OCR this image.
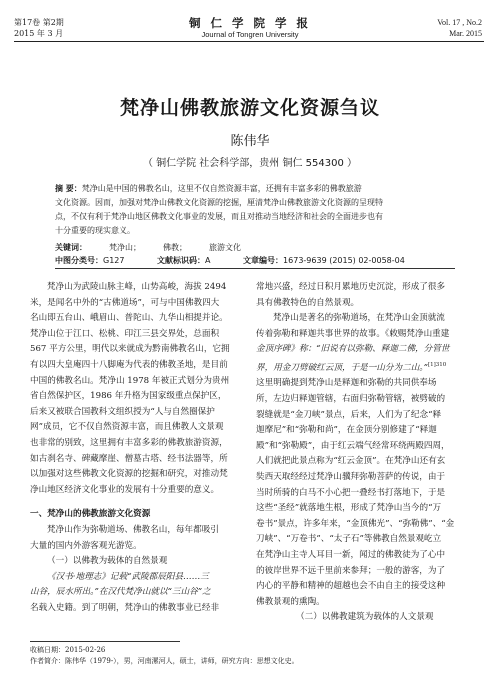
第17卷 第2期
2015 年 3 月
铜 仁 学 院 学 报
Journal of Tongren University
Vol. 17 , No.2
Mar. 2015
梵净山佛教旅游文化资源刍议
陈伟华
（ 铜仁学院 社会科学部，贵州 铜仁 554300 ）
摘 要：梵净山是中国的佛教名山，这里不仅自然资源丰富，还拥有丰富多彩的佛教旅游
文化资源。因而，加强对梵净山佛教文化资源的挖掘，厘清梵净山佛教旅游文化资源的呈现特
点，不仅有利于梵净山地区佛教文化事业的发展，而且对推动当地经济和社会的全面进步也有
十分重要的现实意义。
关键词：	梵净山；	佛教；	旅游文化
中图分类号：G127	文献标识码：A	文章编号：1673-9639 (2015) 02-0058-04
梵净山为武陵山脉主峰，山势高峻，海拔 2494
米，是闻名中外的“古佛道场”，可与中国佛教四大
名山即五台山、峨眉山、普陀山、九华山相提并论。
梵净山位于江口、松桃、印江三县交界处，总面积
567 平方公里，明代以来就成为黔南佛教名山，它拥
有以四大皇庵四十八脚庵为代表的佛教圣地，是目前
中国的佛教名山。梵净山 1978 年被正式划分为贵州
省自然保护区，1986 年升格为国家级重点保护区，
后来又被联合国教科文组织授为“人与自然圈保护
网”成员，它不仅自然资源丰富，而且佛教人文景观
也非常的别致，这里拥有丰富多彩的佛教旅游资源，
如古刹名寺、碑藏摩崖、僧墓古塔、经书法器等，所
以加强对这些佛教文化资源的挖掘和研究，对推动梵
净山地区经济文化事业的发展有十分重要的意义。
一、梵净山的佛教旅游文化资源
梵净山作为弥勒道场、佛教名山，每年都吸引
大量的国内外游客观光游览。
（一）以佛教为载体的自然景观
《汉书·地理志》记载“武陵郡辰阳县……三
山谷，辰水所出。”在汉代梵净山就以“三山谷”之
名载入史籍。到了明朝，梵净山的佛教事业已经非
常地兴盛，经过日积月累地历史沉淀，形成了很多
具有佛教特色的自然景观。
梵净山是著名的弥勒道场，在梵净山金顶就流
传着弥勒和释迦共事世界的故事。《敕赐梵净山重建
金顶序碑》称：“旧说有以弥勒、释迦二佛，分管世
界，用金刀劈破红云顶，于是一山分为二山。”$^{[1]310}$
这里明确提到梵净山是释迦和弥勒的共同供奉场
所，左边归释迦管辖，右面归弥勒管辖，被劈破的
裂缝就是“金刀峡”景点，后来，人们为了纪念“释
迦摩尼”和“弥勒和尚”，在金顶分别修建了“释迦
殿”和“弥勒殿”，由于红云端气经常环绕两殿四周，
人们就把此景点称为“红云金顶”。在梵净山还有玄
奘西天取经经过梵净山骥拜弥勒菩萨的传说，由于
当时所骑的白马不小心把一叠经书打落地下，于是
这些“圣经”就落地生根，形成了梵净山当今的“万
卷书”景点，许多年来，“金顶佛光”、“弥勒佛”、“金
刀峡”、“万卷书”、“太子石”等佛教自然景观屹立
在梵净山主寺人耳目一新，闻过的佛教徒为了心中
的彼岸世界不远千里前来参拜；一般的游客，为了
内心的平静和精神的超越也会不由自主的接受这种
佛教景观的熏陶。
（二）以佛教建筑为载体的人文景观
收稿日期：2015-02-26
作者简介：陈伟华（1979-），男，河南漯河人，硕士，讲师，研究方向：思想文化史。
